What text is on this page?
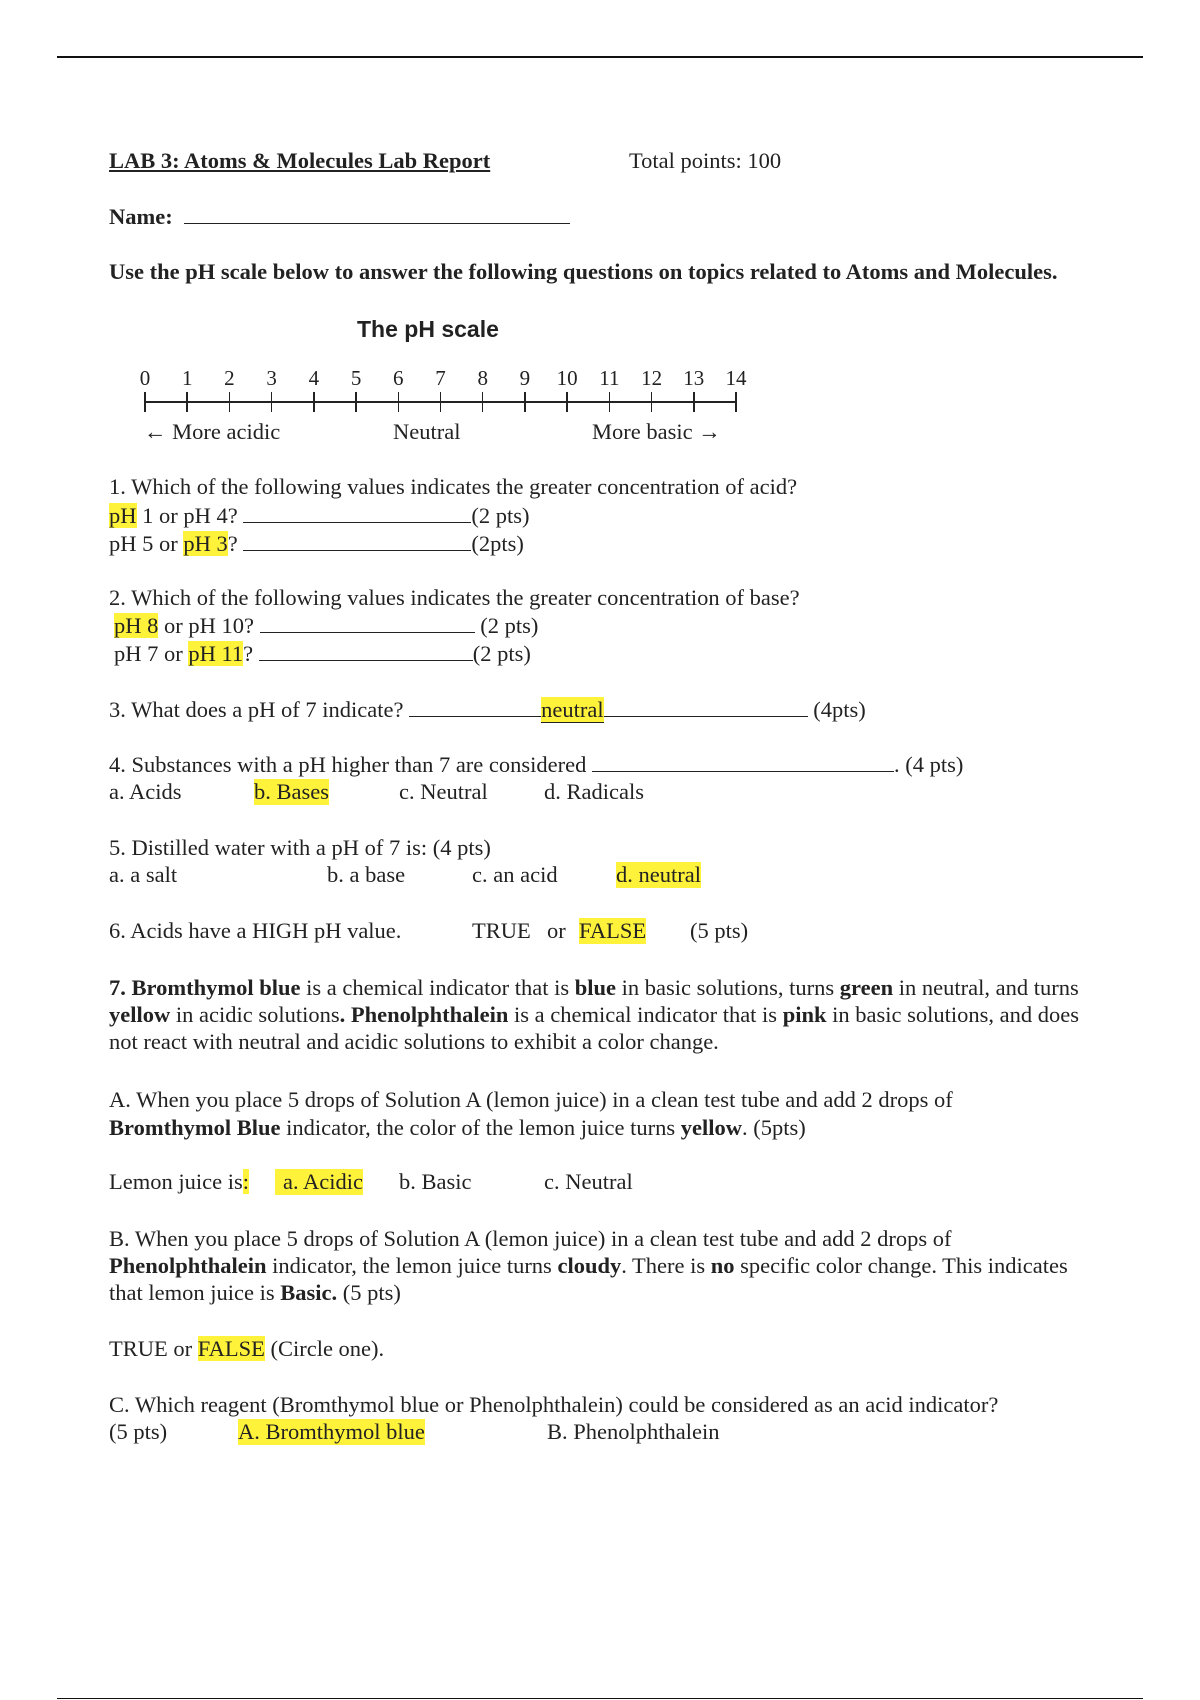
LAB 3: Atoms & Molecules Lab Report	Total points: 100
Name:
Use the pH scale below to answer the following questions on topics related to Atoms and Molecules.
The pH scale
0 1 2 3 4 5 6 7 8 9 10 11 12 13 14
← More acidic	Neutral	More basic →
1. Which of the following values indicates the greater concentration of acid?
pH 1 or pH 4?	(2 pts)
pH 5 or pH 3?	(2pts)
2. Which of the following values indicates the greater concentration of base?
pH 8 or pH 10?	(2 pts)
pH 7 or pH 11?	(2 pts)
3. What does a pH of 7 indicate?	neutral	(4pts)
4. Substances with a pH higher than 7 are considered	. (4 pts)
a. Acids	b. Bases	c. Neutral	d. Radicals
5. Distilled water with a pH of 7 is: (4 pts)
a. a salt	b. a base	c. an acid	d. neutral
6. Acids have a HIGH pH value.	TRUE or FALSE (5 pts)
7. Bromthymol blue is a chemical indicator that is blue in basic solutions, turns green in neutral, and turns yellow in acidic solutions. Phenolphthalein is a chemical indicator that is pink in basic solutions, and does not react with neutral and acidic solutions to exhibit a color change.
A. When you place 5 drops of Solution A (lemon juice) in a clean test tube and add 2 drops of Bromthymol Blue indicator, the color of the lemon juice turns yellow. (5pts)
Lemon juice is:	a. Acidic b. Basic	c. Neutral
B. When you place 5 drops of Solution A (lemon juice) in a clean test tube and add 2 drops of Phenolphthalein indicator, the lemon juice turns cloudy. There is no specific color change. This indicates that lemon juice is Basic. (5 pts)
TRUE or FALSE (Circle one).
C. Which reagent (Bromthymol blue or Phenolphthalein) could be considered as an acid indicator?
(5 pts)	A. Bromthymol blue	B. Phenolphthalein
